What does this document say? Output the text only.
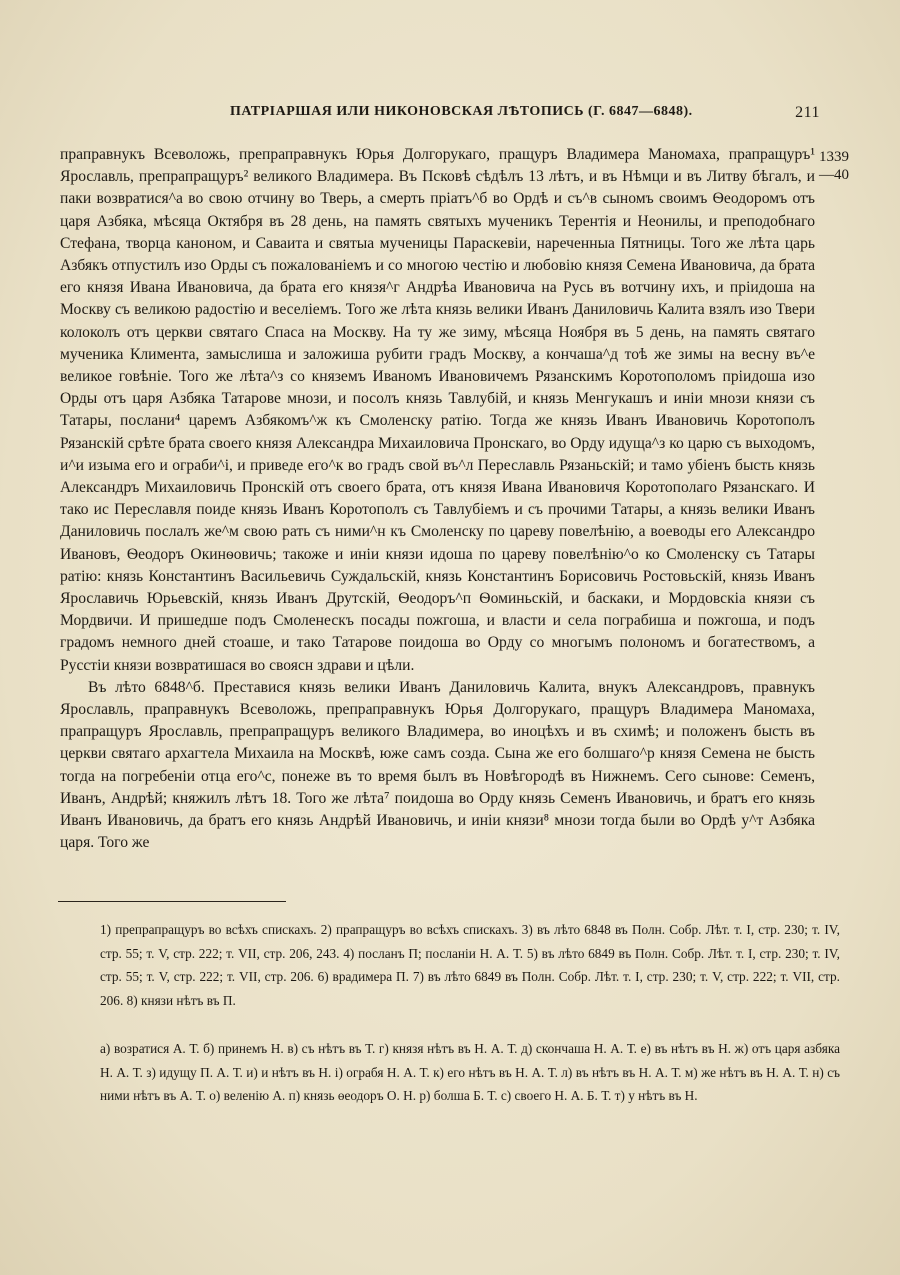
ПАТРІАРШАЯ ИЛИ НИКОНОВСКАЯ ЛѢТОПИСЬ (Г. 6847—6848).	211
1339
—40

праправнукъ Всеволожь, препраправнукъ Юрья Долгорукаго, пращуръ Владимера Маномаха, прапращуръ¹ Ярославль, препрапращуръ² великого Владимера. Въ Псковѣ сѣдѣлъ 13 лѣтъ, и въ Нѣмци и въ Литву бѣгалъ, и паки возвратися^а во свою отчину во Тверь, а смерть пріатъ^б во Ордѣ и съ^в сыномъ своимъ Ѳеодоромъ отъ царя Азбяка, мѣсяца Октября въ 28 день, на память святыхъ мученикъ Терентія и Неонилы, и преподобнаго Стефана, творца каноном, и Саваита и святыа мученицы Параскевіи, нареченныа Пятницы. Того же лѣта царь Азбякъ отпустилъ изо Орды съ пожалованіемъ и со многою честію и любовію князя Семена Ивановича, да брата его князя Ивана Ивановича, да брата его князя^г Андрѣа Ивановича на Русь въ вотчину ихъ, и пріидоша на Москву съ великою радостію и веселіемъ. Того же лѣта князь велики Иванъ Даниловичь Калита взялъ изо Твери колоколъ отъ церкви святаго Спаса на Москву. На ту же зиму, мѣсяца Ноября въ 5 день, на память святаго мученика Климента, замыслиша и заложиша рубити градъ Москву, а кончаша^д тоѣ же зимы на весну въ^е великое говѣніе. Того же лѣта^з со княземъ Иваномъ Ивановичемъ Рязанскимъ Коротополомъ пріидоша изо Орды отъ царя Азбяка Татарове мнози, и посолъ князь Тавлубій, и князь Менгукашъ и иніи мнози князи съ Татары, послани⁴ царемъ Азбякомъ^ж къ Смоленску ратію. Тогда же князь Иванъ Ивановичь Коротополъ Рязанскій срѣте брата своего князя Александра Михаиловича Пронскаго, во Орду идуща^з ко царю съ выходомъ, и^и изыма его и ограби^і, и приведе его^к во градъ свой въ^л Переславль Рязаньскій; и тамо убіенъ бысть князь Александръ Михаиловичь Пронскій отъ своего брата, отъ князя Ивана Ивановичя Коротополаго Рязанскаго. И тако ис Переславля поиде князь Иванъ Коротополъ съ Тавлубіемъ и съ прочими Татары, а князь велики Иванъ Даниловичь послалъ же^м свою рать съ ними^н къ Смоленску по цареву повелѣнію, а воеводы его Александро Ивановъ, Ѳеодоръ Окинѳовичь; такоже и иніи князи идоша по цареву повелѣнію^о ко Смоленску съ Татары ратію: князь Константинъ Васильевичь Суждальскій, князь Константинъ Борисовичь Ростовьскій, князь Иванъ Ярославичь Юрьевскій, князь Иванъ Друтскій, Ѳеодоръ^п Ѳоминьскій, и баскаки, и Мордовскіа князи съ Мордвичи. И пришедше подъ Смоленескъ посады пожгоша, и власти и села пограбиша и пожгоша, и подъ градомъ немного дней стоаше, и тако Татарове поидоша во Орду со многымъ полономъ и богатествомъ, а Русстіи князи возвратишася во своясн здрави и цѣли.

Въ лѣто 6848^б. Преставися князь велики Иванъ Даниловичь Калита, внукъ Александровъ, правнукъ Ярославль, праправнукъ Всеволожь, препраправнукъ Юрья Долгорукаго, пращуръ Владимера Маномаха, прапращуръ Ярославль, препрапращуръ великого Владимера, во иноцѣхъ и въ схимѣ; и положенъ бысть въ церкви святаго архагтела Михаила на Москвѣ, юже самъ созда. Сына же его болшаго^р князя Семена не бысть тогда на погребеніи отца его^с, понеже въ то время былъ въ Новѣгородѣ въ Нижнемъ. Сего сынове: Семенъ, Иванъ, Андрѣй; княжилъ лѣтъ 18. Того же лѣта⁷ поидоша во Орду князь Семенъ Ивановичь, и братъ его князь Иванъ Ивановичь, да братъ его князь Андрѣй Ивановичь, и иніи князи⁸ мнози тогда были во Ордѣ у^т Азбяка царя. Того же

1) препрапращуръ во всѣхъ спискахъ. 2) прапращуръ во всѣхъ спискахъ. 3) въ лѣто 6848 въ Полн. Собр. Лѣт. т. I, стр. 230; т. IV, стр. 55; т. V, стр. 222; т. VII, стр. 206, 243. 4) посланъ П; посланіи Н. А. Т. 5) въ лѣто 6849 въ Полн. Собр. Лѣт. т. I, стр. 230; т. IV, стр. 55; т. V, стр. 222; т. VII, стр. 206. 6) врадимера П. 7) въ лѣто 6849 въ Полн. Собр. Лѣт. т. I, стр. 230; т. V, стр. 222; т. VII, стр. 206. 8) князи нѣтъ въ П.

а) возратися А. Т. б) принемъ Н. в) съ нѣтъ въ Т. г) князя нѣтъ въ Н. А. Т. д) скончаша Н. А. Т. е) въ нѣтъ въ Н. ж) отъ царя азбяка Н. А. Т. з) идущу П. А. Т. и) и нѣтъ въ Н. і) ограбя Н. А. Т. к) его нѣтъ въ Н. А. Т. л) въ нѣтъ въ Н. А. Т. м) же нѣтъ въ Н. А. Т. н) съ ними нѣтъ въ А. Т. о) веленію А. п) князь ѳеодоръ О. Н. р) болша Б. Т. с) своего Н. А. Б. Т. т) у нѣтъ въ Н.
